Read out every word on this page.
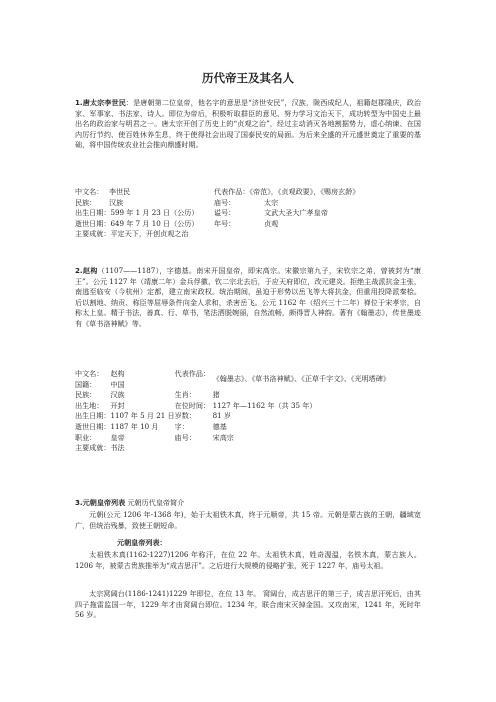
历代帝王及其名人
1.唐太宗李世民：是唐朝第二位皇帝，他名字的意思是“济世安民”，汉族，陇西成纪人，祖籍赵郡隆庆，政治家、军事家、书法家、诗人。即位为帝后，积极听取群臣的意见、努力学习文治天下，成功转型为中国史上最出名的政治家与明君之一。唐太宗开创了历史上的“贞观之治”，经过主动消灭各地割据势力，虚心纳谏、在国内厉行节约、使百姓休养生息，终于使得社会出现了国泰民安的局面。为后来全盛的开元盛世奠定了重要的基础，将中国传统农业社会推向鼎盛时期。
中文名：	李世民	代表作品：《帝范》，《贞观政要》，《赐房玄龄》	
民族：	汉族	庙号：	太宗
出生日期：599 年 1 月 23 日（公历）		谥号：	文武大圣大广孝皇帝
逝世日期：649 年 7 月 10 日（公历）		年号：	贞观
主要成就：平定天下，开创贞观之治			
2.赵构（1107——1187），字德基。南宋开国皇帝，即宋高宗。宋徽宗第九子，宋钦宗之弟，曾被封为“康王”。公元 1127 年（靖康二年）金兵俘徽、钦二宗北去后，于应天府即位，改元建炎。拒绝主战派抗金主张，南逃至临安（今杭州）定都，建立南宋政权。统治期间，虽迫于形势以岳飞等大将抗金，但重用投降派秦桧。后以割地、纳贡、称臣等屈辱条件向金人求和，杀害岳飞。公元 1162 年（绍兴三十二年）禅位于宋孝宗，自称太上皇。精于书法，善真、行、草书，笔法洒脱婉丽，自然流畅，颇得晋人神韵。著有《翰墨志》，传世墨迹有《草书洛神赋》等。
中文名：	赵构	代表作品：	《翰墨志》、《草书洛神赋》、《正草千字文》、《光明塔碑》
国籍：	中国		
民族：	汉族	生肖：	猪
出生地：	开封	在位时间：	1127 年—1162 年（共 35 年）
出生日期：	1107 年 5 月 21 日	岁数：	81 岁
逝世日期：	1187 年 10 月	字：	德基
职业：	皇帝	庙号：	宋高宗
主要成就：	书法		
3.元朝皇帝列表 元朝历代皇帝简介
元朝(公元 1206 年-1368 年)，始于太祖铁木真，终于元顺帝，共 15 帝。元朝是蒙古族的王朝，疆域宽广，但统治残暴，致使王朝短命。
元朝皇帝列表：
太祖铁木真(1162-1227)1206 年称汗，在位 22 年。太祖铁木真，姓奇渥温，名铁木真，蒙古族人。1206 年，被蒙古贵族推举为“成吉思汗”。之后进行大规模的侵略扩张，死于 1227 年，庙号太祖。
太宗窝阔台(1186-1241)1229 年即位，在位 13 年。 窝阔台，成吉思汗的第三子，成吉思汗死后，由其四子拖雷监国一年，1229 年才由窝阔台即位。1234 年，联合南宋灭掉金国。又攻南宋，1241 年，死时年 56 岁。
